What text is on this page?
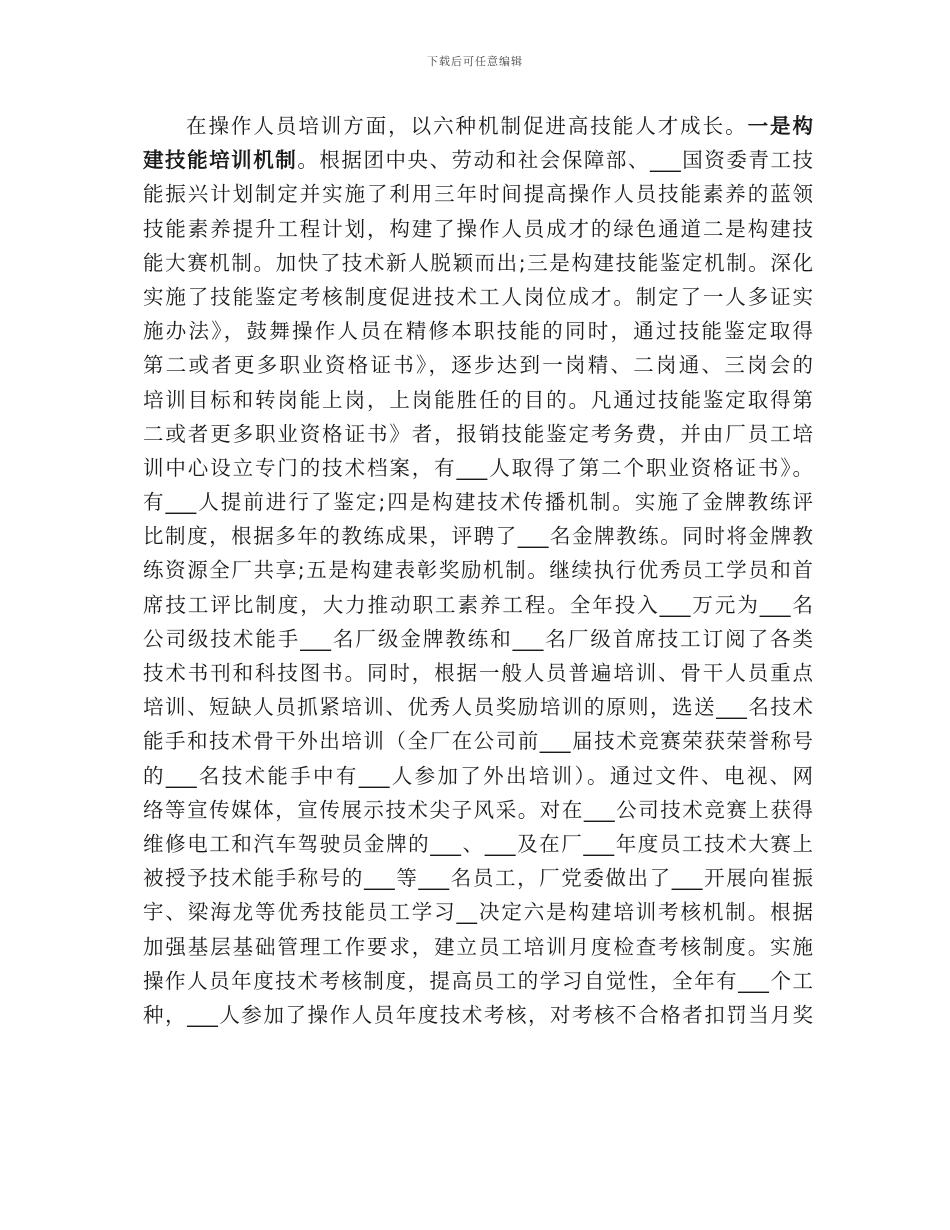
下载后可任意编辑
在操作人员培训方面，以六种机制促进高技能人才成长。一是构
建技能培训机制。根据团中央、劳动和社会保障部、___国资委青工技
能振兴计划制定并实施了利用三年时间提高操作人员技能素养的蓝领
技能素养提升工程计划，构建了操作人员成才的绿色通道二是构建技
能大赛机制。加快了技术新人脱颖而出;三是构建技能鉴定机制。深化
实施了技能鉴定考核制度促进技术工人岗位成才。制定了一人多证实
施办法》，鼓舞操作人员在精修本职技能的同时，通过技能鉴定取得
第二或者更多职业资格证书》，逐步达到一岗精、二岗通、三岗会的
培训目标和转岗能上岗，上岗能胜任的目的。凡通过技能鉴定取得第
二或者更多职业资格证书》者，报销技能鉴定考务费，并由厂员工培
训中心设立专门的技术档案，有___人取得了第二个职业资格证书》。
有___人提前进行了鉴定;四是构建技术传播机制。实施了金牌教练评
比制度，根据多年的教练成果，评聘了___名金牌教练。同时将金牌教
练资源全厂共享;五是构建表彰奖励机制。继续执行优秀员工学员和首
席技工评比制度，大力推动职工素养工程。全年投入___万元为___名
公司级技术能手___名厂级金牌教练和___名厂级首席技工订阅了各类
技术书刊和科技图书。同时，根据一般人员普遍培训、骨干人员重点
培训、短缺人员抓紧培训、优秀人员奖励培训的原则，选送___名技术
能手和技术骨干外出培训（全厂在公司前___届技术竞赛荣获荣誉称号
的___名技术能手中有___人参加了外出培训）。通过文件、电视、网
络等宣传媒体，宣传展示技术尖子风采。对在___公司技术竞赛上获得
维修电工和汽车驾驶员金牌的___、___及在厂___年度员工技术大赛上
被授予技术能手称号的___等___名员工，厂党委做出了___开展向崔振
宇、梁海龙等优秀技能员工学习__决定六是构建培训考核机制。根据
加强基层基础管理工作要求，建立员工培训月度检查考核制度。实施
操作人员年度技术考核制度，提高员工的学习自觉性，全年有___个工
种，___人参加了操作人员年度技术考核，对考核不合格者扣罚当月奖
